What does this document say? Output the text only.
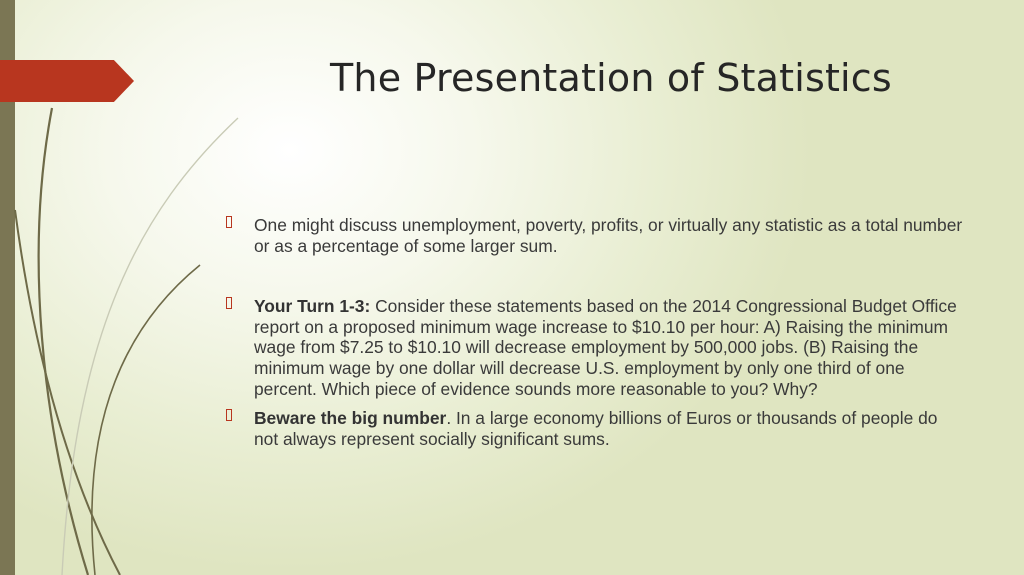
The Presentation of Statistics
One might discuss unemployment, poverty, profits, or virtually any statistic as a total number or as a percentage of some larger sum.
Your Turn 1-3: Consider these statements based on the 2014 Congressional Budget Office report on a proposed minimum wage increase to $10.10 per hour: A) Raising the minimum wage from $7.25 to $10.10 will decrease employment by 500,000 jobs. (B) Raising the minimum wage by one dollar will decrease U.S. employment by only one third of one percent. Which piece of evidence sounds more reasonable to you? Why?
Beware the big number. In a large economy billions of Euros or thousands of people do not always represent socially significant sums.
